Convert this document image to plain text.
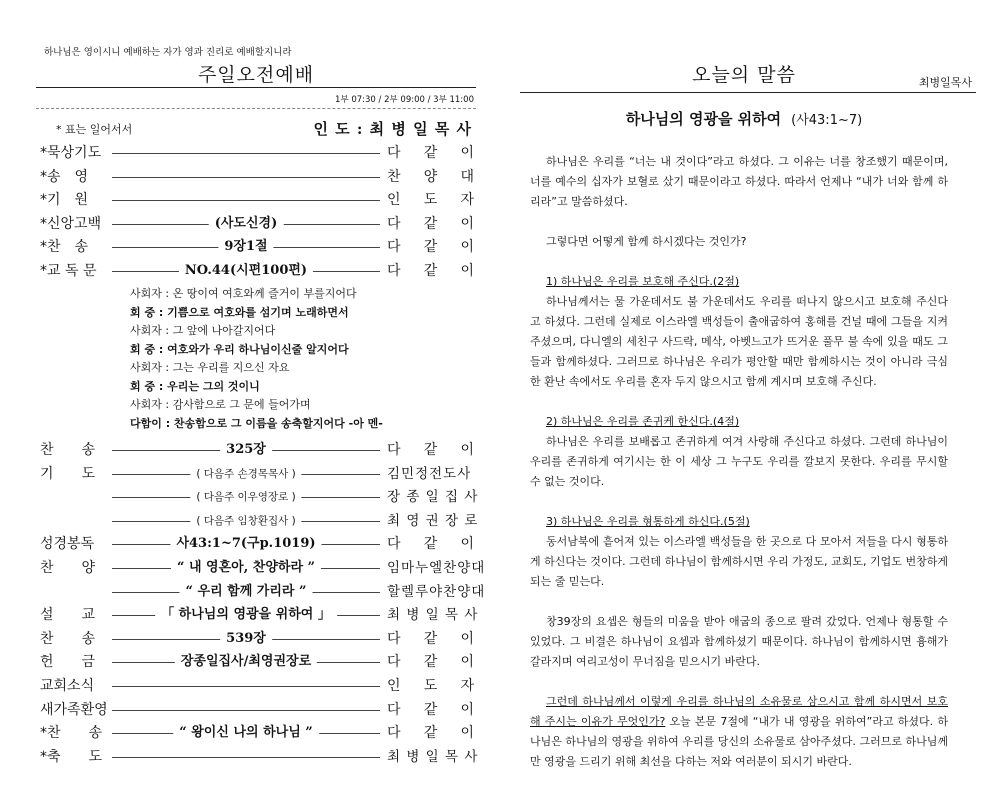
하나님은 영이시니 예배하는 자가 영과 진리로 예배할지니라
주일오전예배
1부 07:30 / 2부 09:00 / 3부 11:00
* 표는 일어서서	인 도 : 최 병 일 목 사
*묵상기도	다 같 이
*송　영	찬 양 대
*기　원	인 도 자
*신앙고백	(사도신경)	다 같 이
*찬　송	9장1절	다 같 이
*교 독 문	NO.44(시편100편)	다 같 이
사회자 : 온 땅이여 여호와께 즐거이 부를지어다
회 중 : 기쁨으로 여호와를 섬기며 노래하면서
사회자 : 그 앞에 나아갈지어다
회 중 : 여호와가 우리 하나님이신줄 알지어다
사회자 : 그는 우리를 지으신 자요
회 중 : 우리는 그의 것이니
사회자 : 감사함으로 그 문에 들어가며
다함이 : 찬송함으로 그 이름을 송축할지어다 -아 멘-
찬　　송	325장	다 같 이
기　　도	( 다음주 손경목목사 )	김민정전도사
( 다음주 이우영장로 )	장 종 일 집 사
( 다음주 임창환집사 )	최 영 권 장 로
성경봉독	사43:1~7(구p.1019)	다 같 이
찬　　양	“ 내 영혼아, 찬양하라 ”	임마누엘찬양대
“ 우리 함께 가리라 ”	할렐루야찬양대
설　　교	「 하나님의 영광을 위하여 」	최 병 일 목 사
찬　　송	539장	다 같 이
헌　　금	장종일집사/최영권장로	다 같 이
교회소식	인 도 자
새가족환영	다 같 이
*찬　　송	“ 왕이신 나의 하나님 ”	다 같 이
*축　　도	최 병 일 목 사
오늘의 말씀	최병일목사
하나님의 영광을 위하여 (사43:1~7)

하나님은 우리를 “너는 내 것이다”라고 하셨다. 그 이유는 너를 창조했기 때문이며, 너를 예수의 십자가 보혈로 샀기 때문이라고 하셨다. 따라서 언제나 “내가 너와 함께 하리라”고 말씀하셨다.

그렇다면 어떻게 함께 하시겠다는 것인가?

1) 하나님은 우리를 보호해 주신다.(2절)

하나님께서는 물 가운데서도 불 가운데서도 우리를 떠나지 않으시고 보호해 주신다고 하셨다. 그런데 실제로 이스라엘 백성들이 출애굽하여 홍해를 건널 때에 그들을 지켜주셨으며, 다니엘의 세친구 사드락, 메삭, 아벳느고가 뜨거운 풀무 불 속에 있을 때도 그들과 함께하셨다. 그러므로 하나님은 우리가 평안할 때만 함께하시는 것이 아니라 극심한 환난 속에서도 우리를 혼자 두지 않으시고 함께 계시며 보호해 주신다.

2) 하나님은 우리를 존귀케 한신다.(4절)

하나님은 우리를 보배롭고 존귀하게 여겨 사랑해 주신다고 하셨다. 그런데 하나님이 우리를 존귀하게 여기시는 한 이 세상 그 누구도 우리를 깔보지 못한다. 우리를 무시할 수 없는 것이다.

3) 하나님은 우리를 형통하게 하신다.(5절)

동서남북에 흩어져 있는 이스라엘 백성들을 한 곳으로 다 모아서 저들을 다시 형통하게 하신다는 것이다. 그런데 하나님이 함께하시면 우리 가정도, 교회도, 기업도 번창하게 되는 줄 믿는다.

창39장의 요셉은 형들의 미움을 받아 애굽의 종으로 팔려 갔었다. 언제나 형통할 수 있었다. 그 비결은 하나님이 요셉과 함께하셨기 때문이다. 하나님이 함께하시면 흉해가 갈라지며 여리고성이 무너짐을 믿으시기 바란다.

그런데 하나님께서 이렇게 우리를 하나님의 소유물로 삼으시고 함께 하시면서 보호해 주시는 이유가 무엇인가? 오늘 본문 7절에 “내가 내 영광을 위하여”라고 하셨다. 하나님은 하나님의 영광을 위하여 우리를 당신의 소유물로 삼아주셨다. 그러므로 하나님께만 영광을 드리기 위해 최선을 다하는 저와 여러분이 되시기 바란다.
